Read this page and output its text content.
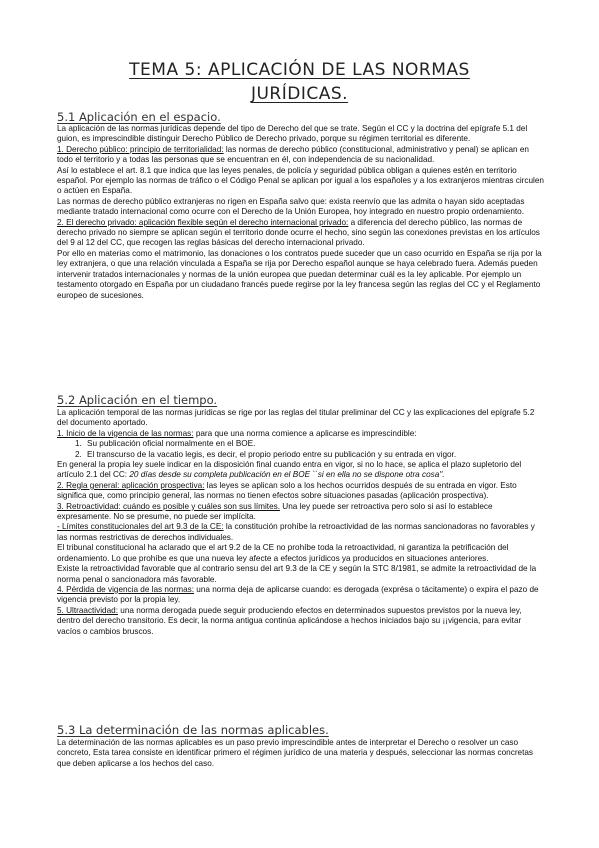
TEMA 5: APLICACIÓN DE LAS NORMAS
JURÍDICAS.
5.1 Aplicación en el espacio.

La aplicación de las normas jurídicas depende del tipo de Derecho del que se trate. Según el CC y la doctrina del epígrafe 5.1 del guion, es imprescindible distinguir Derecho Público de Derecho privado, porque su régimen territorial es diferente.

1. Derecho público: principio de territorialidad: las normas de derecho público (constitucional, administrativo y penal) se aplican en todo el territorio y a todas las personas que se encuentran en él, con independencia de su nacionalidad.

Así lo establece el art. 8.1 que indica que las leyes penales, de policía y seguridad pública obligan a quienes estén en territorio español. Por ejemplo las normas de tráfico o el Código Penal se aplican por igual a los españoles y a los extranjeros mientras circulen o actúen en España.

Las normas de derecho público extranjeras no rigen en España salvo que: exista reenvío que las admita o hayan sido aceptadas mediante tratado internacional como ocurre con el Derecho de la Unión Europea, hoy integrado en nuestro propio ordenamiento.

2. El derecho privado: aplicación flexible según el derecho internacional privado: a diferencia del derecho público, las normas de derecho privado no siempre se aplican según el territorio donde ocurre el hecho, sino según las conexiones previstas en los artículos del 9 al 12 del CC, que recogen las reglas básicas del derecho internacional privado.

Por ello en materias como el matrimonio, las donaciones o los contratos puede suceder que un caso ocurrido en España se rija por la ley extranjera, o que una relación vinculada a España se rija por Derecho español aunque se haya celebrado fuera. Además pueden intervenir tratados internacionales y normas de la unión europea que puedan determinar cuál es la ley aplicable. Por ejemplo un testamento otorgado en España por un ciudadano francés puede regirse por la ley francesa según las reglas del CC y el Reglamento europeo de sucesiones.

5.2 Aplicación en el tiempo.

La aplicación temporal de las normas jurídicas se rige por las reglas del titular preliminar del CC y las explicaciones del epígrafe 5.2 del documento aportado.

1. Inicio de la vigencia de las normas: para que una norma comience a aplicarse es imprescindible:

1. Su publicación oficial normalmente en el BOE.
2. El transcurso de la vacatio legis, es decir, el propio periodo entre su publicación y su entrada en vigor.

En general la propia ley suele indicar en la disposición final cuando entra en vigor, si no lo hace, se aplica el plazo supletorio del artículo 2.1 del CC: 20 días desde su completa publicación en el BOE ``si en ella no se dispone otra cosa''.

2. Regla general: aplicación prospectiva: las leyes se aplican solo a los hechos ocurridos después de su entrada en vigor. Esto significa que, como principio general, las normas no tienen efectos sobre situaciones pasadas (aplicación prospectiva).

3. Retroactividad: cuándo es posible y cuáles son sus límites. Una ley puede ser retroactiva pero solo si así lo establece expresamente. No se presume, no puede ser implícita.

- Límites constitucionales del art 9.3 de la CE: la constitución prohíbe la retroactividad de las normas sancionadoras no favorables y las normas restrictivas de derechos individuales.

El tribunal constitucional ha aclarado que el art 9.2 de la CE no prohíbe toda la retroactividad, ni garantiza la petrificación del ordenamiento. Lo que prohíbe es que una nueva ley afecte a efectos jurídicos ya producidos en situaciones anteriores.

Existe la retroactividad favorable que al contrario sensu del art 9.3 de la CE y según la STC 8/1981, se admite la retroactividad de la norma penal o sancionadora más favorable.

4. Pérdida de vigencia de las normas: una norma deja de aplicarse cuando: es derogada (exprésa o tácitamente) o expira el pazo de vigencia previsto por la propia ley.

5. Ultraactividad: una norma derogada puede seguir produciendo efectos en determinados supuestos previstos por la nueva ley, dentro del derecho transitorio. Es decir, la norma antigua continúa aplicándose a hechos iniciados bajo su ¡¡vigencia, para evitar vacíos o cambios bruscos.

5.3 La determinación de las normas aplicables.

La determinación de las normas aplicables es un paso previo imprescindible antes de interpretar el Derecho o resolver un caso concreto, Esta tarea consiste en identificar primero el régimen jurídico de una materia y después, seleccionar las normas concretas que deben aplicarse a los hechos del caso.
